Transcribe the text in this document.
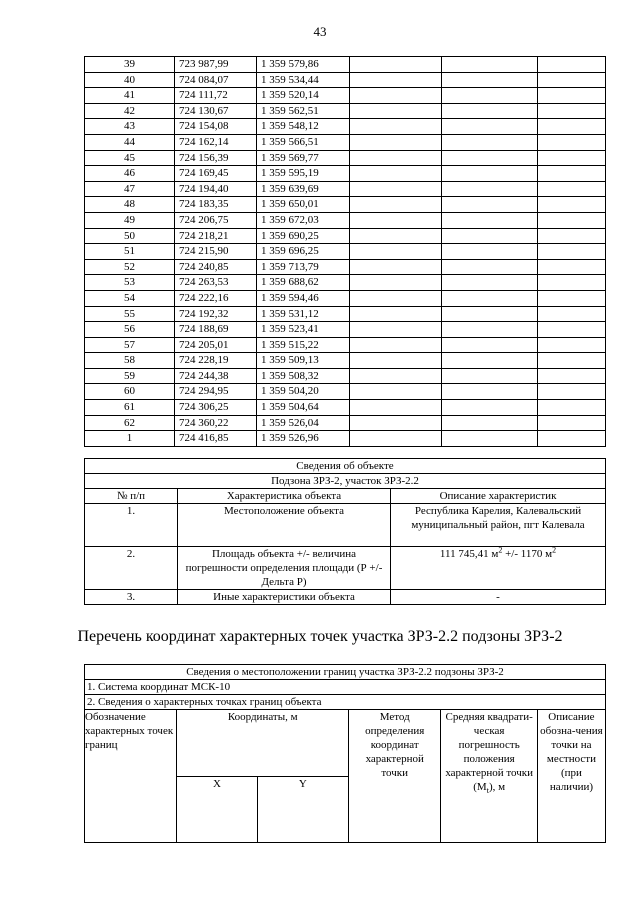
43
39	723 987,99	1 359 579,86			
40	724 084,07	1 359 534,44			
41	724 111,72	1 359 520,14			
42	724 130,67	1 359 562,51			
43	724 154,08	1 359 548,12			
44	724 162,14	1 359 566,51			
45	724 156,39	1 359 569,77			
46	724 169,45	1 359 595,19			
47	724 194,40	1 359 639,69			
48	724 183,35	1 359 650,01			
49	724 206,75	1 359 672,03			
50	724 218,21	1 359 690,25			
51	724 215,90	1 359 696,25			
52	724 240,85	1 359 713,79			
53	724 263,53	1 359 688,62			
54	724 222,16	1 359 594,46			
55	724 192,32	1 359 531,12			
56	724 188,69	1 359 523,41			
57	724 205,01	1 359 515,22			
58	724 228,19	1 359 509,13			
59	724 244,38	1 359 508,32			
60	724 294,95	1 359 504,20			
61	724 306,25	1 359 504,64			
62	724 360,22	1 359 526,04			
1	724 416,85	1 359 526,96			
Сведения об объекте		
Подзона ЗРЗ-2, участок ЗРЗ-2.2		
№ п/п	Характеристика объекта	Описание характеристик
1.	Местоположение объекта	Республика Карелия, Калевальский муниципальный район, пгт Калевала
2.	Площадь объекта +/- величина погрешности определения площади (Р +/- Дельта Р)	111 745,41 $м^2$ +/- 1170 $м^2$
3.	Иные характеристики объекта	-
Перечень координат характерных точек участка ЗРЗ-2.2 подзоны ЗРЗ-2
Сведения о местоположении границ участка ЗРЗ-2.2 подзоны ЗРЗ-2					
1. Система координат МСК-10					
2. Сведения о характерных точках границ объекта					
Обозначение характерных точек границ	Координаты, м		Метод определения координат характерной точки	Средняя квадрати-ческая погрешность положения характерной точки $(M_t)$, м	Описание обозна-чения точки на местности (при наличии)
	X	Y			
